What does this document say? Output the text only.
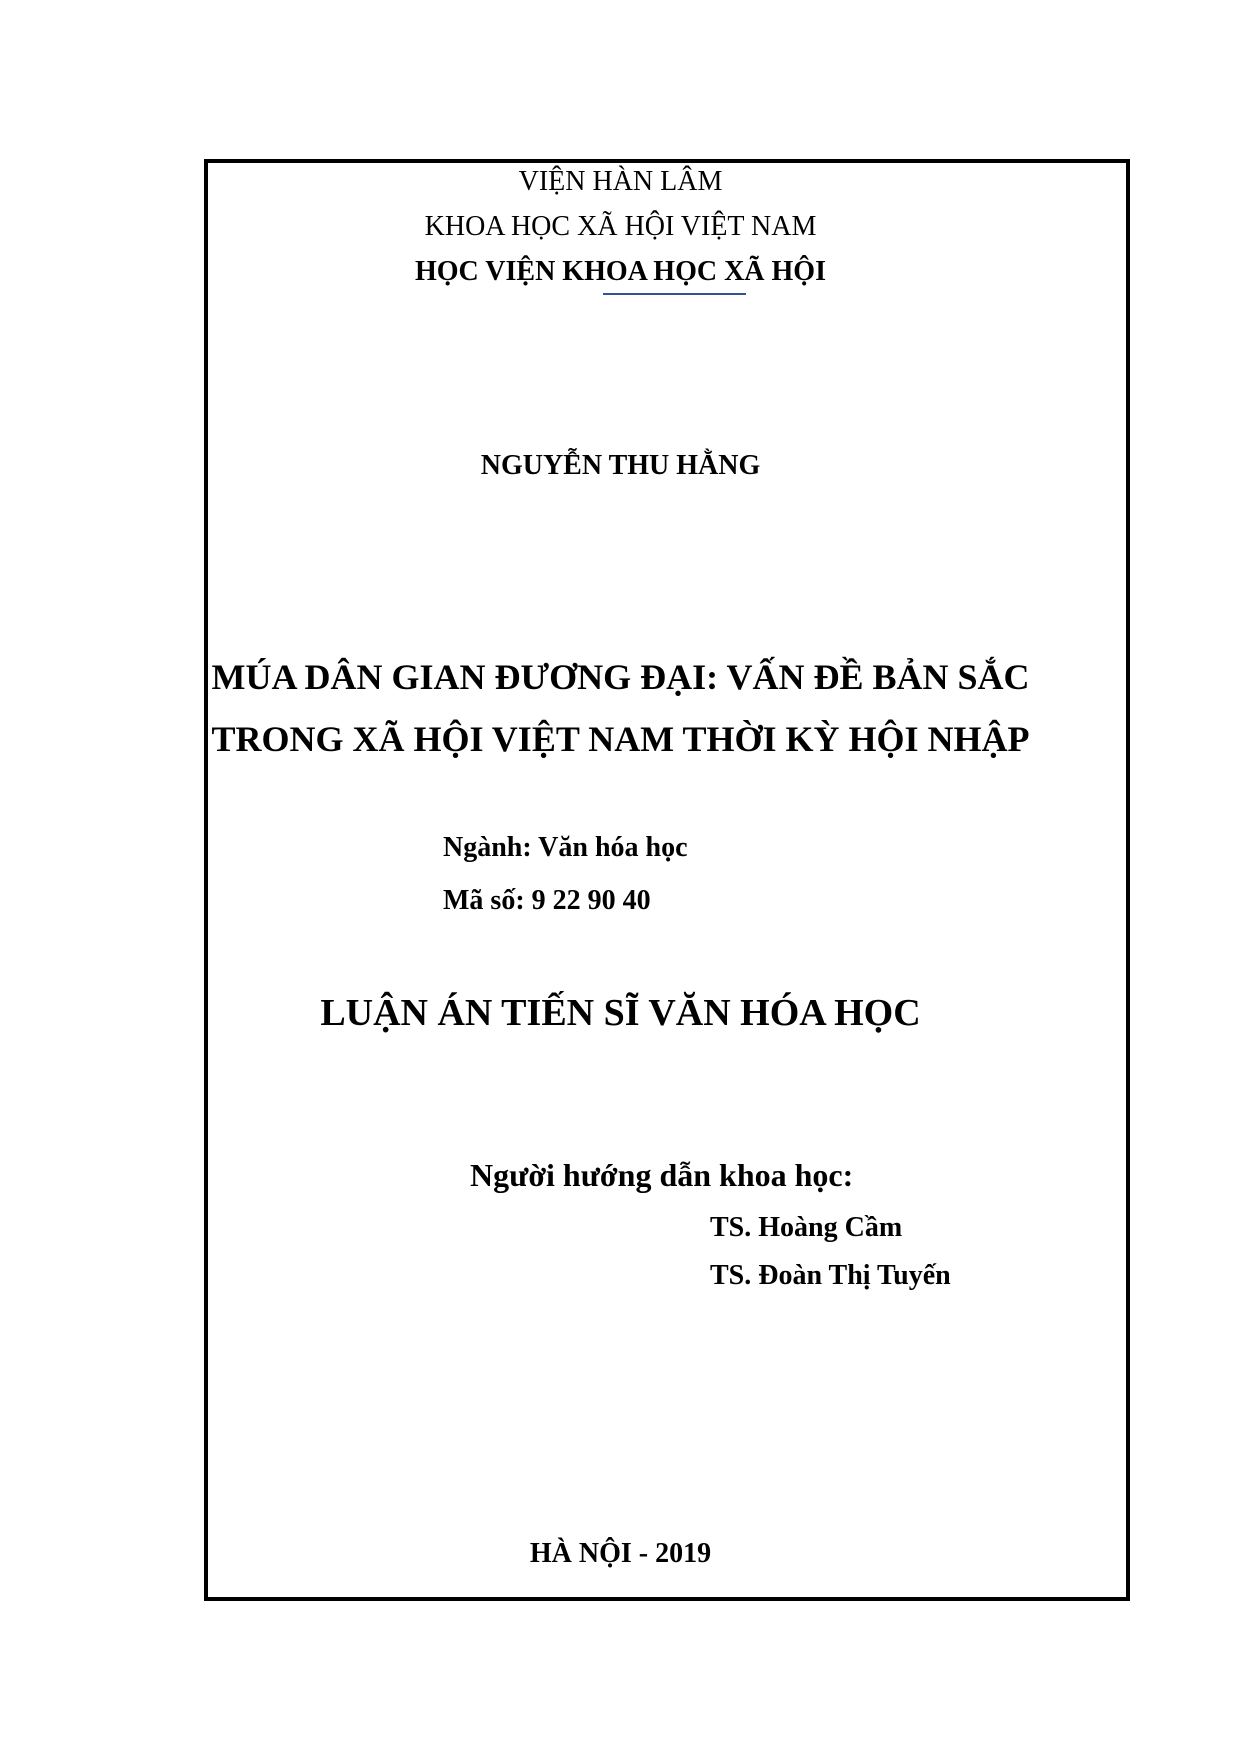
VIỆN HÀN LÂM
KHOA HỌC XÃ HỘI VIỆT NAM
HỌC VIỆN KHOA HỌC XÃ HỘI
NGUYỄN THU HẰNG
MÚA DÂN GIAN ĐƯƠNG ĐẠI: VẤN ĐỀ BẢN SẮC
TRONG XÃ HỘI VIỆT NAM THỜI KỲ HỘI NHẬP
Ngành: Văn hóa học
Mã số: 9 22 90 40
LUẬN ÁN TIẾN SĨ VĂN HÓA HỌC
Người hướng dẫn khoa học:
TS. Hoàng Cầm
TS. Đoàn Thị Tuyến
HÀ NỘI - 2019
